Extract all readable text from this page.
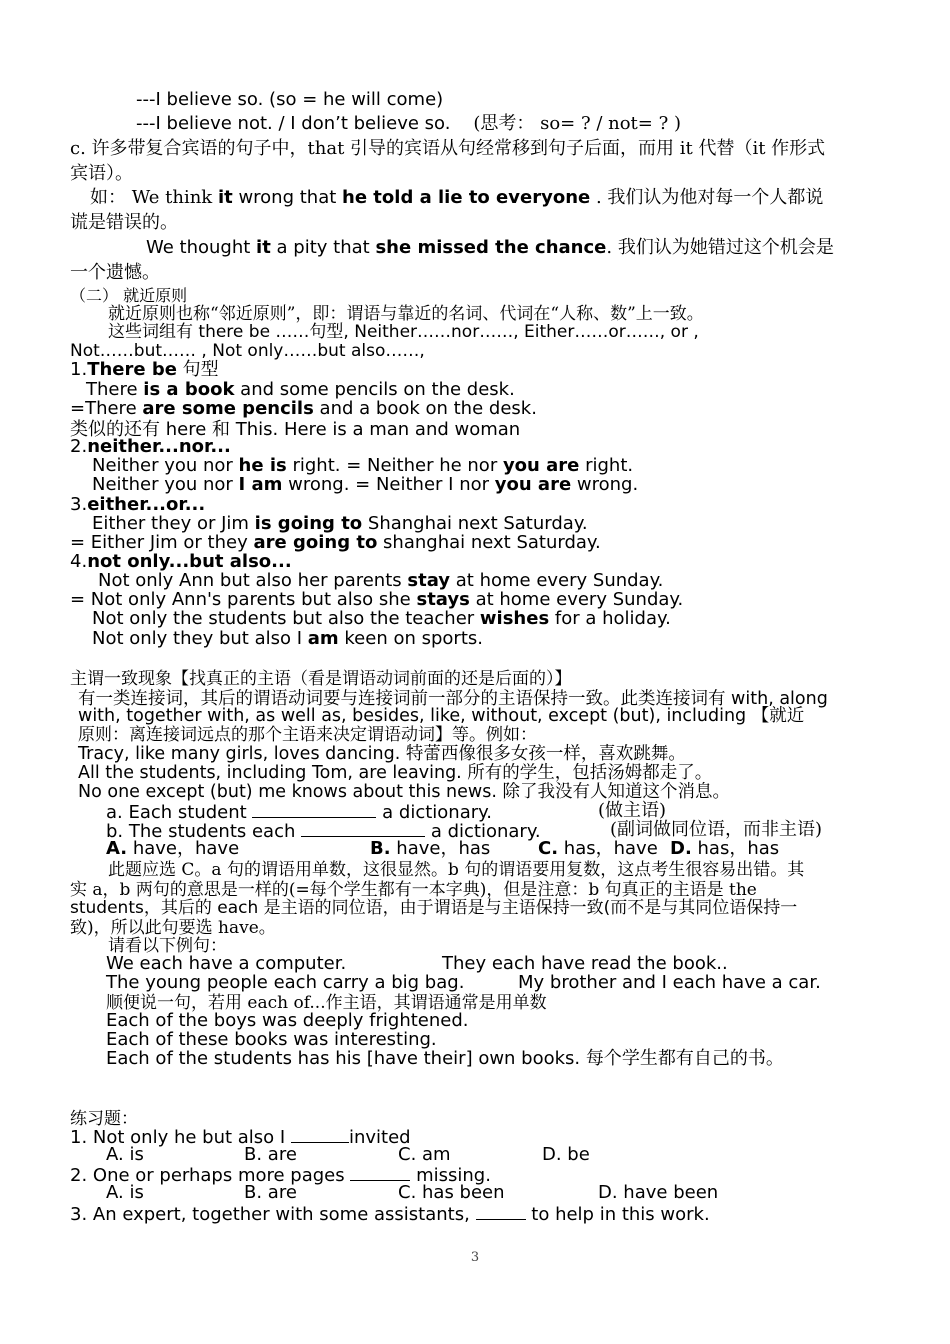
---I believe so. (so = he will come)
---I believe not. / I don’t believe so. (思考： so= ? / not= ? )
c. 许多带复合宾语的句子中，that 引导的宾语从句经常移到句子后面，而用 it 代替（it 作形式
宾语）。
如： We think it wrong that he told a lie to everyone . 我们认为他对每一个人都说
谎是错误的。
We thought it a pity that she missed the chance. 我们认为她错过这个机会是
一个遗憾。
（二） 就近原则
就近原则也称“邻近原则”，即：谓语与靠近的名词、代词在“人称、数”上一致。
这些词组有 there be ……句型, Neither……nor……, Either……or……, or ,
Not……but…… , Not only……but also……,
1.There be 句型
There is a book and some pencils on the desk.
=There are some pencils and a book on the desk.
类似的还有 here 和 This. Here is a man and woman
2.neither...nor...
Neither you nor he is right. = Neither he nor you are right.
Neither you nor I am wrong. = Neither I nor you are wrong.
3.either...or...
Either they or Jim is going to Shanghai next Saturday.
= Either Jim or they are going to shanghai next Saturday.
4.not only...but also...
Not only Ann but also her parents stay at home every Sunday.
= Not only Ann's parents but also she stays at home every Sunday.
Not only the students but also the teacher wishes for a holiday.
Not only they but also I am keen on sports.
主谓一致现象【找真正的主语（看是谓语动词前面的还是后面的）】
有一类连接词，其后的谓语动词要与连接词前一部分的主语保持一致。此类连接词有 with, along
with, together with, as well as, besides, like, without, except (but), including 【就近
原则：离连接词远点的那个主语来决定谓语动词】等。例如：
Tracy, like many girls, loves dancing. 特蕾西像很多女孩一样，喜欢跳舞。
All the students, including Tom, are leaving. 所有的学生，包括汤姆都走了。
No one except (but) me knows about this news. 除了我没有人知道这个消息。
a. Each student	a dictionary.	(做主语)
b. The students each	a dictionary.	(副词做同位语，而非主语)
A. have，have	B. have，has	C. has，have D. has，has
此题应选 C。a 句的谓语用单数，这很显然。b 句的谓语要用复数，这点考生很容易出错。其
实 a，b 两句的意思是一样的(=每个学生都有一本字典)，但是注意：b 句真正的主语是 the
students，其后的 each 是主语的同位语，由于谓语是与主语保持一致(而不是与其同位语保持一
致)，所以此句要选 have。
请看以下例句：
We each have a computer.	They each have read the book..
The young people each carry a big bag.	My brother and I each have a car.
顺便说一句，若用 each of...作主语，其谓语通常是用单数
Each of the boys was deeply frightened.
Each of these books was interesting.
Each of the students has his [have their] own books. 每个学生都有自己的书。
练习题：
1. Not only he but also I	invited
A. is	B. are	C. am	D. be
2. One or perhaps more pages	missing.
A. is	B. are	C. has been	D. have been
3. An expert, together with some assistants,	to help in this work.
3
